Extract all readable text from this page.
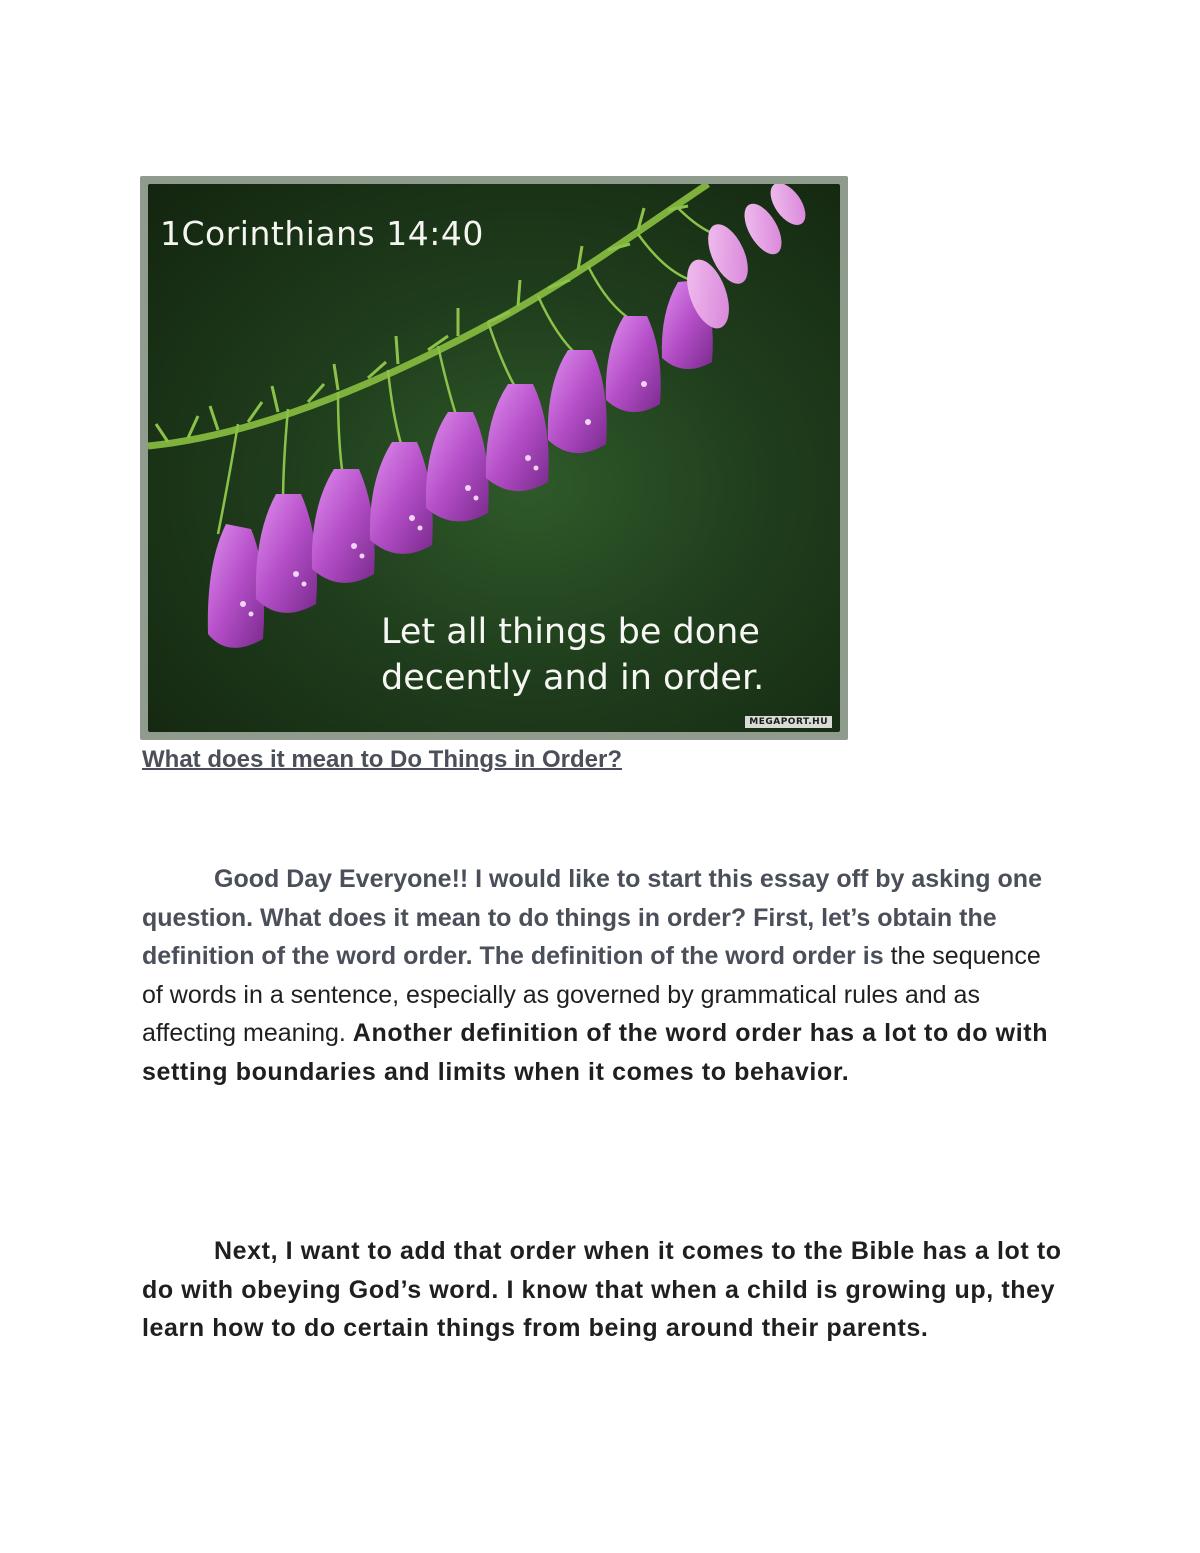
1Corinthians 14:40
Let all things be done
decently and in order.
MEGAPORT.HU
What does it mean to Do Things in Order?
Good Day Everyone!! I would like to start this essay off by asking one question. What does it mean to do things in order? First, let’s obtain the definition of the word order. The definition of the word order is the sequence of words in a sentence, especially as governed by grammatical rules and as affecting meaning. Another definition of the word order has a lot to do with setting boundaries and limits when it comes to behavior.
Next, I want to add that order when it comes to the Bible has a lot to do with obeying God’s word. I know that when a child is growing up, they learn how to do certain things from being around their parents.
